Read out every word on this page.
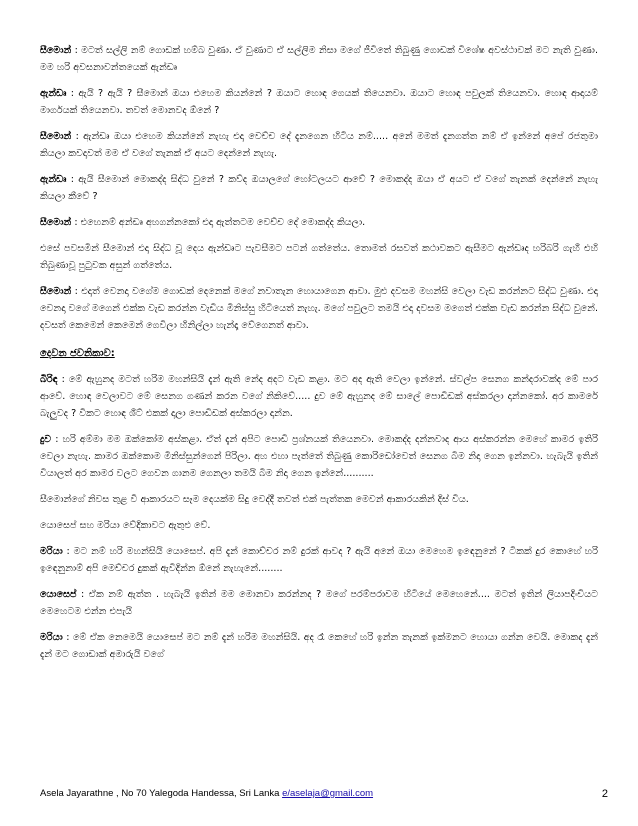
සීමොන් : මටත් සල්ලි නම් ගොඩක් හම්බ වුණා. ඒ වුණාට ඒ සල්ලිම නිසා මගේ ජීවිතේ තිබුණු ගොඩක් විශේෂ අවස්ථාවක් මට නැති වුණා. මම හරි අවසනාවන්තයෙක් ඇන්ඩෘ

ඇන්ඩෘ : ඇයි ? ඇයි ? සීමොන් ඔයා එහෙම කියන්නේ ? ඔයාට හොඳ ගෙයක් තියෙනවා. ඔයාට හොඳ පවුලක් තියෙනවා. හොඳ ආදායම් මාර්ගයක් තියෙනවා. තවත් මොනවද ඕනේ ?

සීමොන් : ඇන්ඩෘ ඔයා එහෙම කියන්නේ නැහැ එදා වෙච්ච දේ දැනගෙන හිටිය නම්..... අනේ මමත් දැනගත්ත නම් ඒ ඉන්නේ අපේ රජතුමා කියලා කවදාවත් මම ඒ වගේ තැනක් ඒ අයට දෙන්නේ නැහැ.

ඇන්ඩෘ : ඇයි සීමොන් මොකද්ද සිද්ධ වුනේ ? කව්ද ඔයාලගේ හෝටලයට ආවේ ? මොකද්ද ඔයා ඒ අයට ඒ වගේ තැනක් දෙන්නේ නැහැ කියලා කීවේ ?

සීමොන් : එහෙනම් අන්ඩෘ අහගන්නකෝ එදා ඇත්තටම වෙච්ච දේ මොකද්ද කියලා.

එසේ පවසමින් සීමොන් එදා සිද්ධ වූ දෙය ඇන්ඩෘට පැවසීමට පටන් ගත්තේය. තොමත් රසවත් කථාවකට ඇසීමට ඇන්ඩෘද හරිබරි ගැහී එහි තිබුණාවූ පුටුවක අසුන් ගත්තේය.

සීමොන් : එදාත් වෙනදා වගේම ගොඩක් දෙනෙක් මගේ නවාතැන හොයාගෙන ආවා. මුළු දවසම මහන්සි වෙලා වැඩ කරන්නට සිද්ධ වුණා. එදා වෙනදා වගේ මගෙන් එක්ක වැඩ කරන්න වැඩිය මිනිස්සු හිටියෙත් නැහැ. මගේ පවුලට තමයි එදා දවසම මගෙත් එක්ක වැඩ කරන්න සිද්ධ වුනේ. දවසත් කෙමෙන් කෙමෙන් ගෙවිලා හිනිල්ලා හැන්දෑ වේගෙනත් ආවා.

දෙවන ජවනිකාව:

බිරිඳ : මේ ඇහුනද මටත් හරිම මහන්සියි දැන් ඇති නේද අදට වැඩ කළා. මට අද ඇති වෙලා ඉන්නේ. ස්වල්ප සෙනග කන්දරාවක්ද මේ පාර ආවේ. හොඳ වෙලාවට මේ සෙනග ගණන් කරන වගේ නිකිවේ..... දුව මේ ඇහුනද මේ සාලේ පොඩිඩක් අස්කරලා දාන්නකෝ. අර කාමරේ බැලුවද ? වීකට හොඳ ශීට් එකක් දාලා පොඩිඩක් අස්කරලා දාන්න.

දුව : හරි අම්මා මම ඔක්කෝම අස්කළා. ඒත් දැන් අපිට පොඩි ප්‍රශ්නයක් තියෙනවා. මොකද්ද දන්නවාද ආය අස්කරන්න මෙහේ කාමර ඉතිරි වෙලා නැහැ. කාමර ඔක්කොම මිනිස්සුන්ගෙන් පිරිලා. අහ එහා පැත්තේ තිබුණු කොරිඩෝවෙත් සෙනග බිම නිදා ගෙන ඉන්නවා. හැබැයි ඉතින් වියාලත් අර කාමර වලට ගෙවන ගානම ගෙනලා තමයි බිම නිදා ගෙන ඉන්නේ..........

සීමොන්ගේ නිවස තුළ වී ආකාරයට සෑම දෙයක්ම සිදු වෙද්දී තවත් එක් පැත්තක මෙවන් ආකාරයකින් දිස් විය.

යොසෙප් සහ මරියා වේදිකාවට ඇතුළු වේ.

මරියා : මට නම් හරි මහන්සියි යොසෙප්. අපි දැන් කොච්චර නම් දුරක් ආවද ? ඇයි අනේ ඔයා මෙහෙම ඉඳෙනුනේ ? ටිකක් දුර කොහේ හරි ඉඳෙනුනාම් අපි මෙච්චර දුකක් ඇවිදින්න ඕනේ නැහැනේ........

යොසෙප් : ඒක නම් ඇත්ත . හැබැයි ඉතින් මම මොනවා කරන්නද ? මගේ පරම්පරාවම හිටියේ මෙහෙනේ.... මටත් ඉතින් ලියාපදිංචියට මෙහෙටම එන්න එපැයි

මරියා : මේ ඒක නෙමෙයි යොසෙප් මට නම් දැන් හරිම මහන්සියි. අද රෑ කෙහේ හරි ඉන්න තැනක් ඉක්මනට හොයා ගන්න වෙයි. මොකද දැන් දැන් මට ගොඩාක් අමාරුයි වගේ

Asela Jayarathne , No 70 Yalegoda Handessa, Sri Lanka e/aselaja@gmail.com	2
